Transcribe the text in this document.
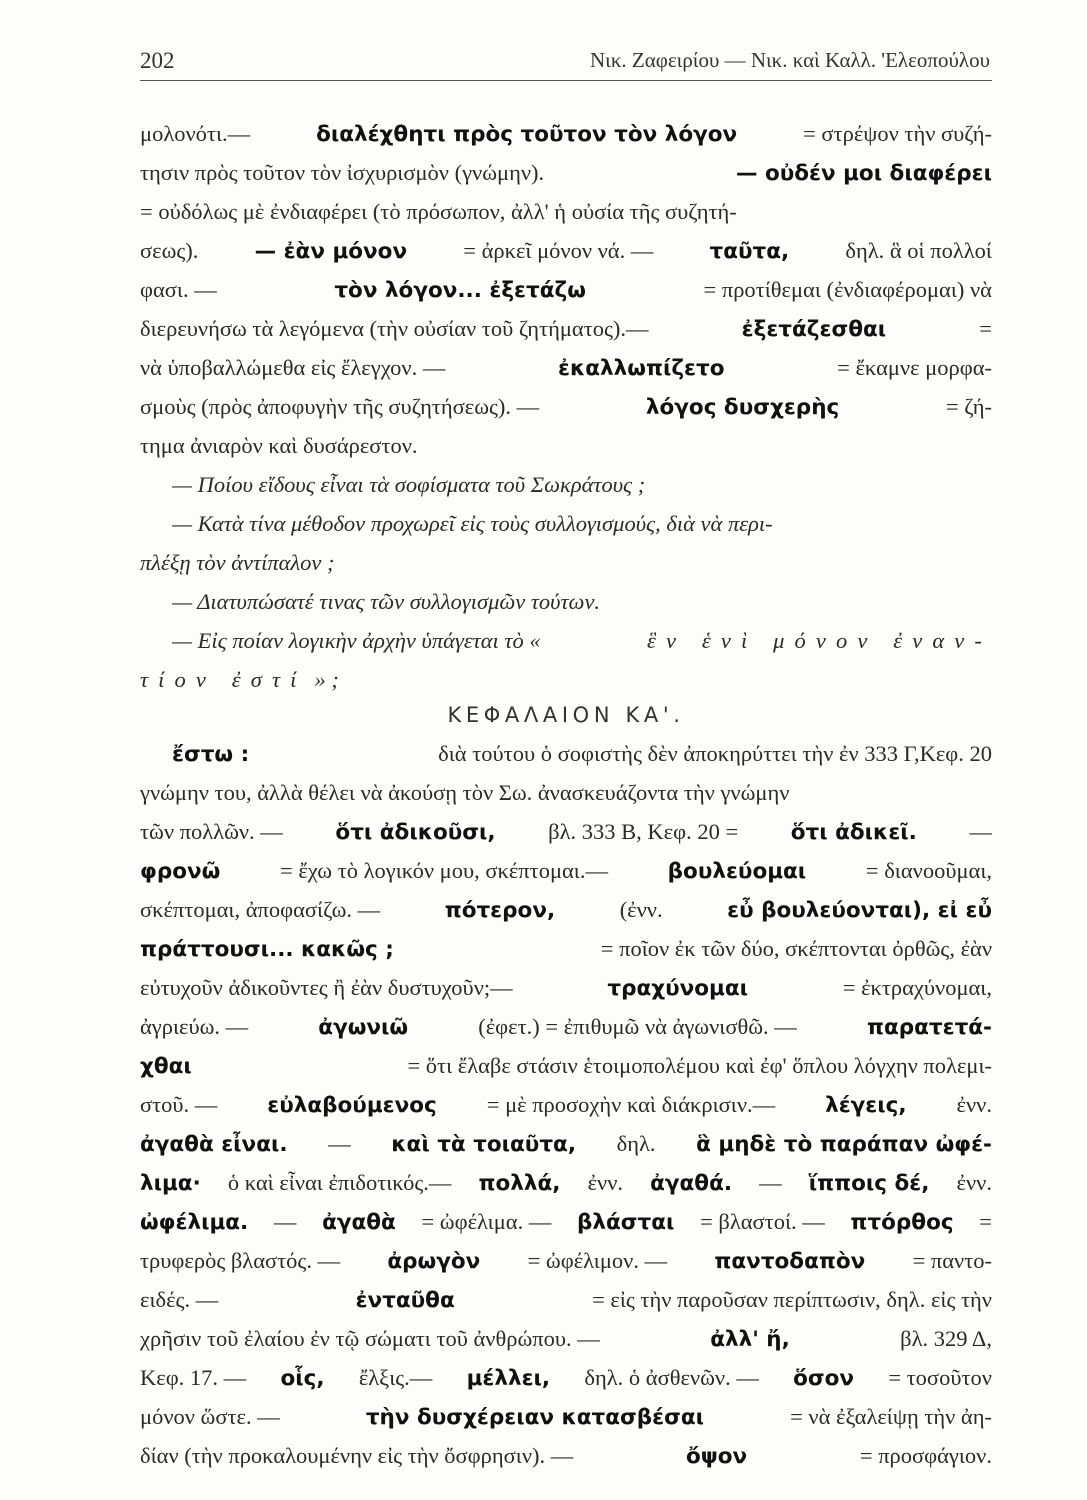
202	Νικ. Ζαφειρίου — Νικ. καὶ Καλλ. 'Ελεοπούλου
μολονότι.—	διαλέχθητι πρὸς τοῦτον τὸν λόγον	= στρέψον τὴν συζή-
τησιν πρὸς τοῦτον τὸν ἰσχυρισμὸν (γνώμην).	— οὐδέν μοι διαφέρει
= οὐδόλως μὲ ἐνδιαφέρει (τὸ πρόσωπον, ἀλλ' ἡ οὐσία τῆς συζητή-
σεως).	— ἐὰν μόνον = ἀρκεῖ μόνον νά. —	ταῦτα, δηλ. ἃ οἱ πολλοί
φασι. —	τὸν λόγον... ἐξετάζω	= προτίθεμαι (ἐνδιαφέρομαι) νὰ
διερευνήσω τὰ λεγόμενα (τὴν οὐσίαν τοῦ ζητήματος).—	ἐξετάζεσθαι	=
νὰ ὑποβαλλώμεθα εἰς ἔλεγχον. —	ἐκαλλωπίζετο	= ἔκαμνε μορφα-
σμοὺς (πρὸς ἀποφυγὴν τῆς συζητήσεως). —	λόγος δυσχερὴς	= ζή-
τημα ἀνιαρὸν καὶ δυσάρεστον.
— Ποίου εἴδους εἶναι τὰ σοφίσματα τοῦ Σωκράτους ;
— Κατὰ τίνα μέθοδον προχωρεῖ εἰς τοὺς συλλογισμούς, διὰ νὰ περι-
πλέξῃ τὸν ἀντίπαλον ;
— Διατυπώσατέ τινας τῶν συλλογισμῶν τούτων.
— Εἰς ποίαν λογικὴν ἀρχὴν ὑπάγεται τὸ «	ἓν ἑνὶ μόνον ἐναν-
τίον ἐστί » ;
ΚΕΦΑΛΑΙΟΝ ΚΑ'.
ἔστω :	διὰ τούτου ὁ σοφιστὴς δὲν ἀποκηρύττει τὴν ἐν 333 Γ,Κεφ. 20
γνώμην του, ἀλλὰ θέλει νὰ ἀκούσῃ τὸν Σω. ἀνασκευάζοντα τὴν γνώμην
τῶν πολλῶν. — ὅτι ἀδικοῦσι, βλ. 333 Β, Κεφ. 20 = ὅτι ἀδικεῖ. —
φρονῶ	= ἔχω τὸ λογικόν μου, σκέπτομαι.—	βουλεύομαι	= διανοοῦμαι,
σκέπτομαι, ἀποφασίζω. —	πότερον,	(ἐνν.	εὖ βουλεύονται), εἰ εὖ
πράττουσι... κακῶς ;	= ποῖον ἐκ τῶν δύο, σκέπτονται ὀρθῶς, ἐὰν
εὐτυχοῦν ἀδικοῦντες ἢ ἐὰν δυστυχοῦν;—	τραχύνομαι	= ἐκτραχύνομαι,
ἀγριεύω. —	ἀγωνιῶ	(ἐφετ.) = ἐπιθυμῶ νὰ ἀγωνισθῶ. —	παρατετά-
χθαι	= ὅτι ἔλαβε στάσιν ἑτοιμοπολέμου καὶ ἐφ' ὅπλου λόγχην πολεμι-
στοῦ. — εὐλαβούμενος = μὲ προσοχὴν καὶ διάκρισιν.— λέγεις, ἐνν.
ἀγαθὰ εἶναι. — καὶ τὰ τοιαῦτα, δηλ. ἃ μηδὲ τὸ παράπαν ὠφέ-
λιμα· ὁ καὶ εἶναι ἐπιδοτικός.— πολλά, ἐνν. ἀγαθά. — ἵπποις δέ, ἐνν.
ὠφέλιμα. — ἀγαθὰ = ὠφέλιμα. — βλάσται = βλαστοί. — πτόρθος =
τρυφερὸς βλαστός. — ἀρωγὸν = ὠφέλιμον. — παντοδαπὸν = παντο-
ειδές. —	ἐνταῦθα	= εἰς τὴν παροῦσαν περίπτωσιν, δηλ. εἰς τὴν
χρῆσιν τοῦ ἐλαίου ἐν τῷ σώματι τοῦ ἀνθρώπου. —	ἀλλ' ἤ,	βλ. 329 Δ,
Κεφ. 17. — οἷς, ἔλξις.— μέλλει, δηλ. ὁ ἀσθενῶν. — ὅσον = τοσοῦτον
μόνον ὥστε. —	τὴν δυσχέρειαν κατασβέσαι	= νὰ ἐξαλείψῃ τὴν ἀη-
δίαν (τὴν προκαλουμένην εἰς τὴν ὄσφρησιν). —	ὄψον	= προσφάγιον.
